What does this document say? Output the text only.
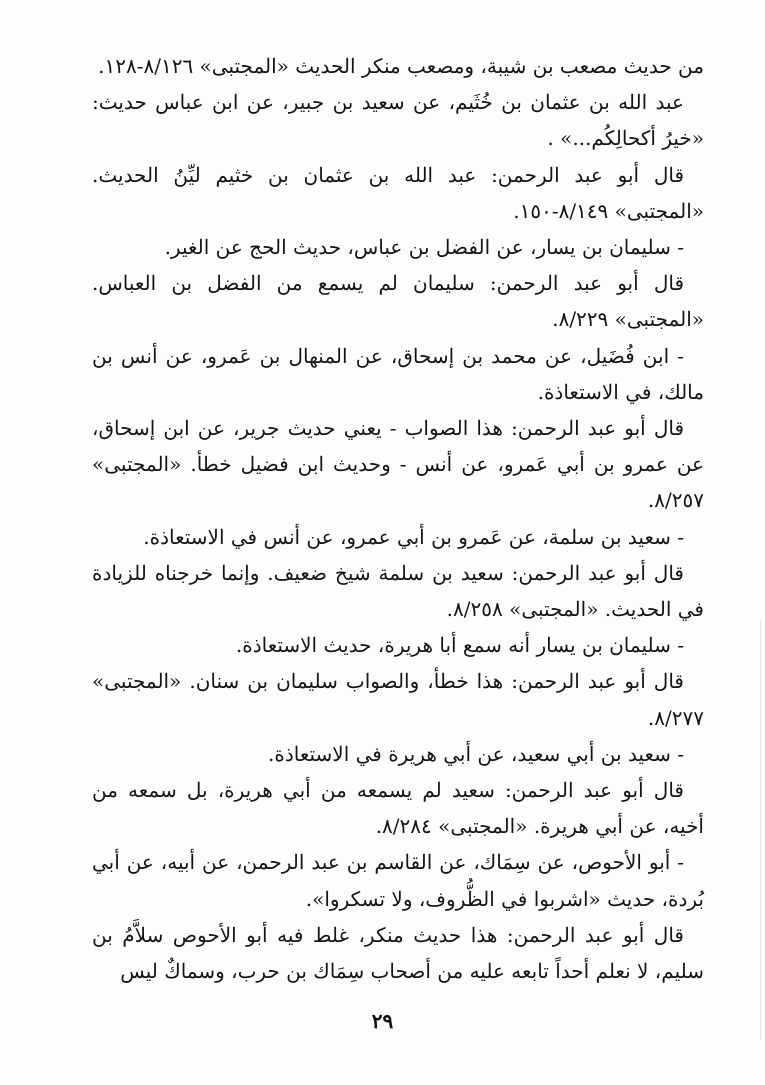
من حديث مصعب بن شيبة، ومصعب منكر الحديث «المجتبى» ٨/١٢٦-١٢٨.

عبد الله بن عثمان بن خُثَيم، عن سعيد بن جبير، عن ابن عباس حديث: «خيرُ أكحالِكُم...» .

قال أبو عبد الرحمن: عبد الله بن عثمان بن خثيم ليِّنُ الحديث. «المجتبى» ٨/١٤٩-١٥٠.

- سليمان بن يسار، عن الفضل بن عباس، حديث الحج عن الغير.

قال أبو عبد الرحمن: سليمان لم يسمع من الفضل بن العباس. «المجتبى» ٨/٢٢٩.

- ابن فُضَيل، عن محمد بن إسحاق، عن المنهال بن عَمرو، عن أنس بن مالك، في الاستعاذة.

قال أبو عبد الرحمن: هذا الصواب - يعني حديث جرير، عن ابن إسحاق، عن عمرو بن أبي عَمرو، عن أنس - وحديث ابن فضيل خطأ. «المجتبى» ٨/٢٥٧.

- سعيد بن سلمة، عن عَمرو بن أبي عمرو، عن أنس في الاستعاذة.

قال أبو عبد الرحمن: سعيد بن سلمة شيخ ضعيف. وإنما خرجناه للزيادة في الحديث. «المجتبى» ٨/٢٥٨.

- سليمان بن يسار أنه سمع أبا هريرة، حديث الاستعاذة.

قال أبو عبد الرحمن: هذا خطأ، والصواب سليمان بن سنان. «المجتبى» ٨/٢٧٧.

- سعيد بن أبي سعيد، عن أبي هريرة في الاستعاذة.

قال أبو عبد الرحمن: سعيد لم يسمعه من أبي هريرة، بل سمعه من أخيه، عن أبي هريرة. «المجتبى» ٨/٢٨٤.

- أبو الأحوص، عن سِمَاك، عن القاسم بن عبد الرحمن، عن أبيه، عن أبي بُردة، حديث «اشربوا في الظُّروف، ولا تسكروا».

قال أبو عبد الرحمن: هذا حديث منكر، غلط فيه أبو الأحوص سلاَّمُ بن سليم، لا نعلم أحداً تابعه عليه من أصحاب سِمَاك بن حرب، وسماكٌ ليس

٢٩
